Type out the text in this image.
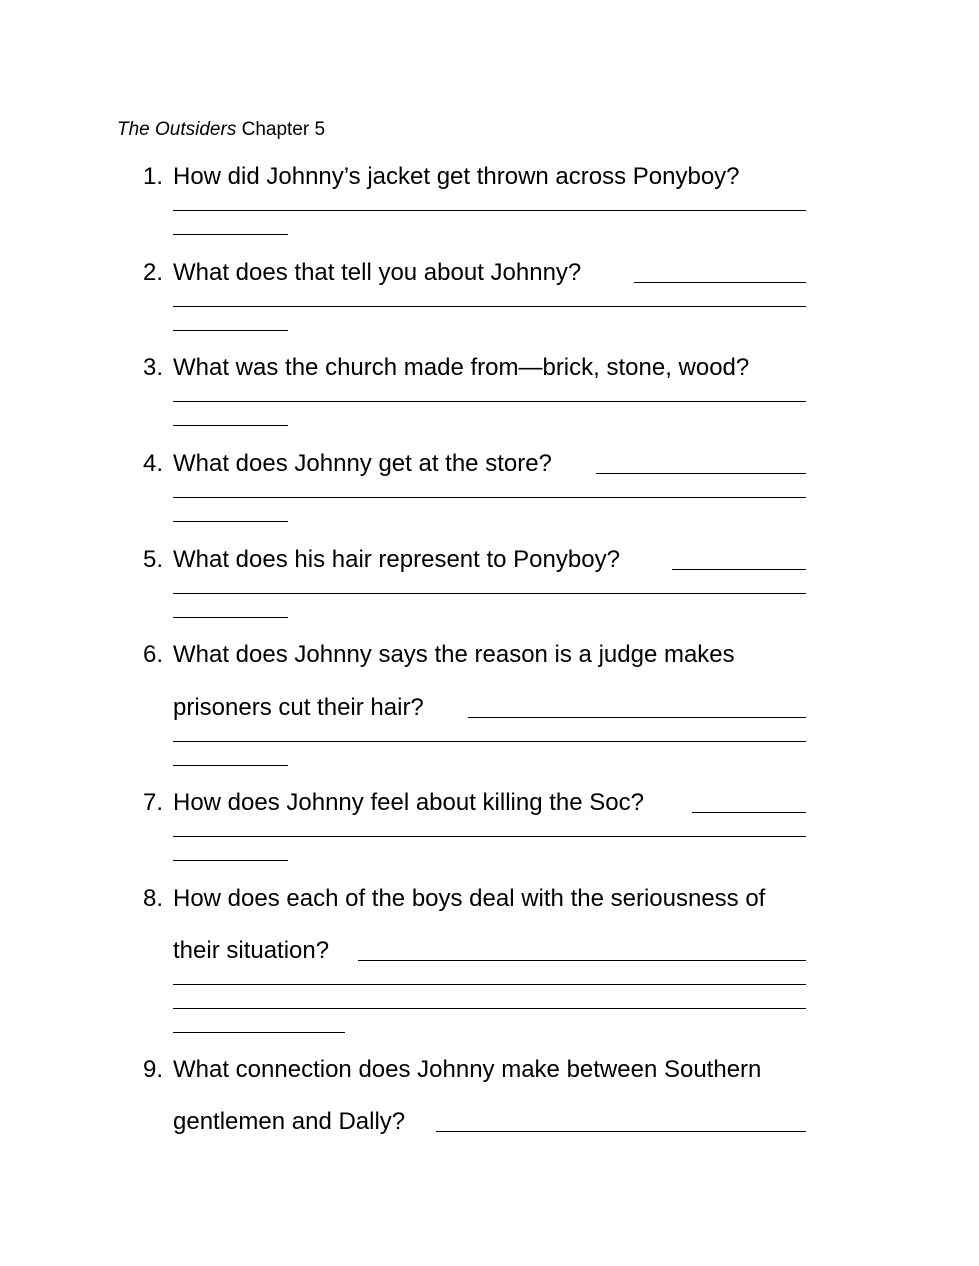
The Outsiders Chapter 5
1. How did Johnny’s jacket get thrown across Ponyboy?
2. What does that tell you about Johnny?
3. What was the church made from—brick, stone, wood?
4. What does Johnny get at the store?
5. What does his hair represent to Ponyboy?
6. What does Johnny says the reason is a judge makes
prisoners cut their hair?
7. How does Johnny feel about killing the Soc?
8. How does each of the boys deal with the seriousness of
their situation?
9. What connection does Johnny make between Southern
gentlemen and Dally?
